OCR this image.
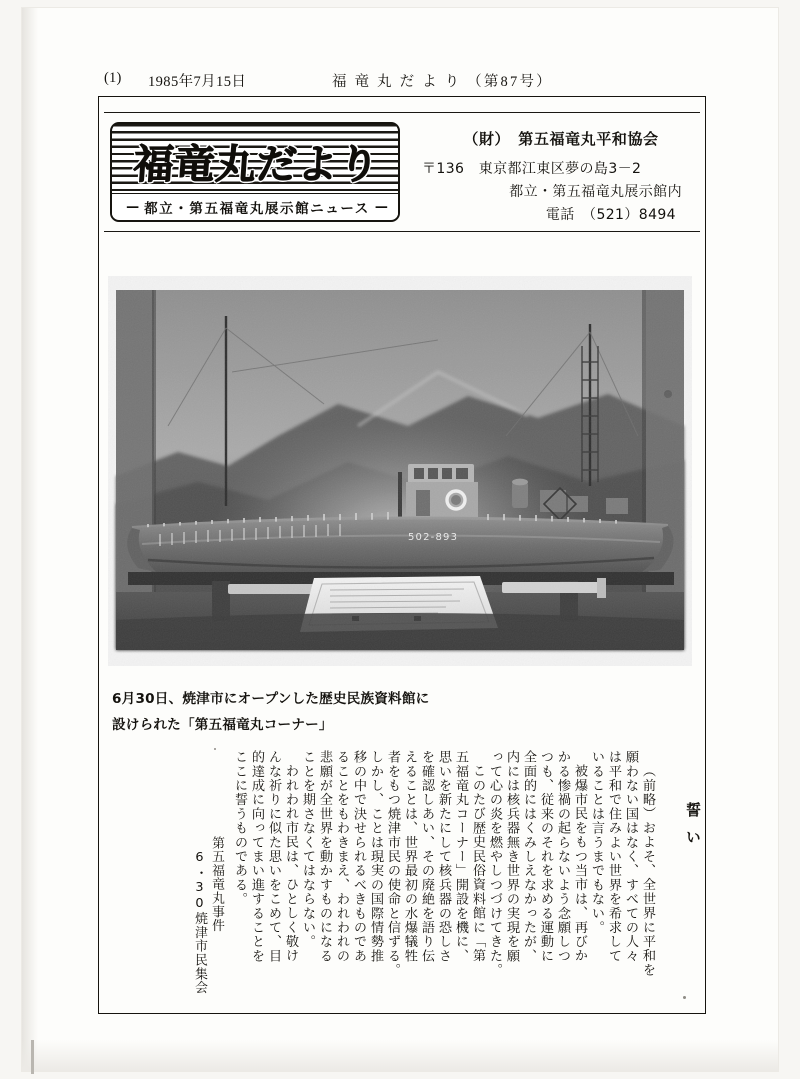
(1) 1985年7月15日	福 竜 丸 だ よ り （第87号）
福竜丸だより
— 都立・第五福竜丸展示館ニュース —
（財）　第五福竜丸平和協会
〒136　東京都江東区夢の島3－2
都立・第五福竜丸展示館内
電話　（521）8494
502-893
6月30日、焼津市にオープンした歴史民族資料館に
設けられた「第五福竜丸コーナー」
誓い
（前略）およそ、全世界に平和を
願わない国はなく、すべての人々
は平和で住みよい世界を希求して
いることは言うまでもない。
被爆市民をもつ当市は、再びか
かる惨禍の起らないよう念願しつ
つも、従来のそれを求める運動に
全面的にはくみしえなかったが、
内には核兵器無き世界の実現を願
って心の炎を燃やしつづけてきた。
このたび歴史民俗資料館に「第
五福竜丸コーナー」開設を機に、
思いを新たにして核兵器の恐しさ
を確認しあい、その廃絶を語り伝
えることは、世界最初の水爆犠牲
者をもつ焼津市民の使命と信ずる。
しかし、ことは現実の国際情勢推
移の中で決せられるべきものであ
ることをもわきまえ、われわれの
悲願が全世界を動かすものになる
ことを期さなくてはならない。
われわれ市民は、ひとしく敬け
んな祈りに似た思いをこめて、目
的達成に向ってまい進することを
ここに誓うものである。
第五福竜丸事件
6・30焼津市民集会
